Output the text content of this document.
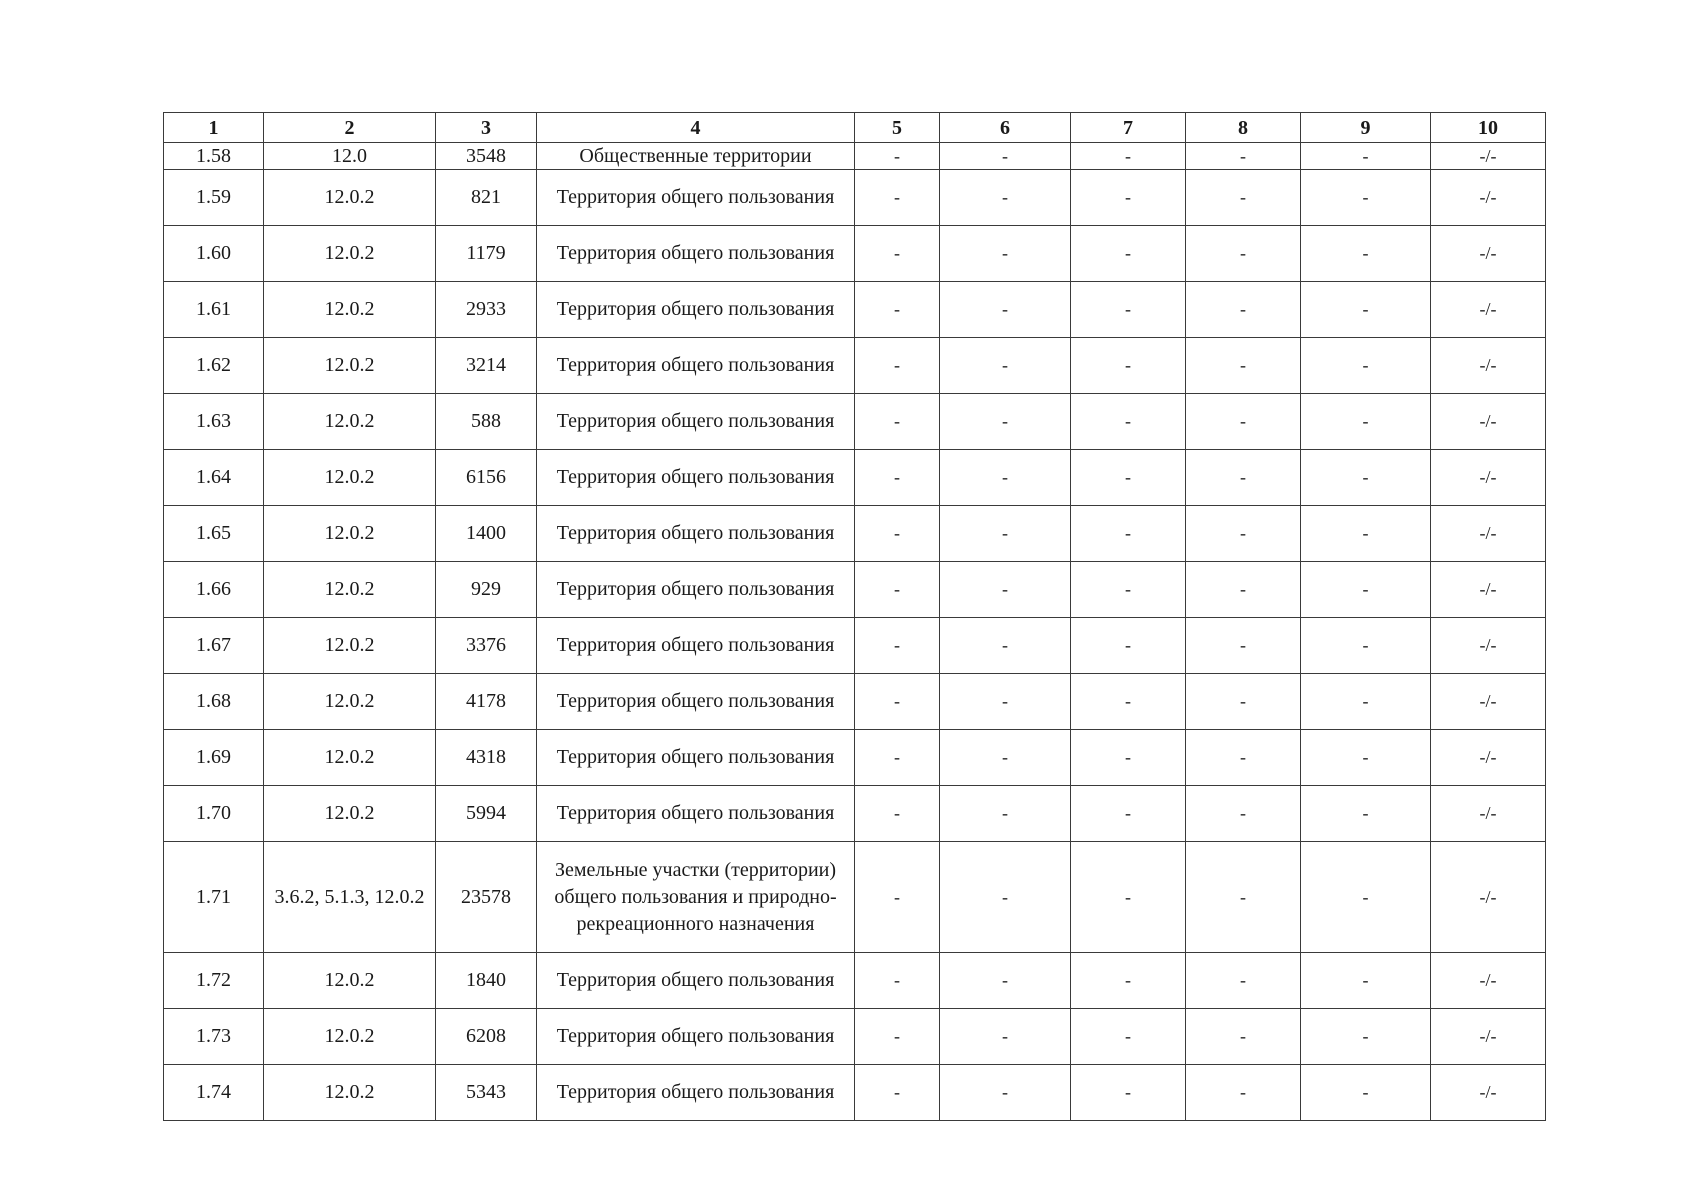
1	2	3	4	5	6	7	8	9	10
1.58	12.0	3548	Общественные территории	-	-	-	-	-	-/-
1.59	12.0.2	821	Территория общего пользования	-	-	-	-	-	-/-
1.60	12.0.2	1179	Территория общего пользования	-	-	-	-	-	-/-
1.61	12.0.2	2933	Территория общего пользования	-	-	-	-	-	-/-
1.62	12.0.2	3214	Территория общего пользования	-	-	-	-	-	-/-
1.63	12.0.2	588	Территория общего пользования	-	-	-	-	-	-/-
1.64	12.0.2	6156	Территория общего пользования	-	-	-	-	-	-/-
1.65	12.0.2	1400	Территория общего пользования	-	-	-	-	-	-/-
1.66	12.0.2	929	Территория общего пользования	-	-	-	-	-	-/-
1.67	12.0.2	3376	Территория общего пользования	-	-	-	-	-	-/-
1.68	12.0.2	4178	Территория общего пользования	-	-	-	-	-	-/-
1.69	12.0.2	4318	Территория общего пользования	-	-	-	-	-	-/-
1.70	12.0.2	5994	Территория общего пользования	-	-	-	-	-	-/-
1.71	3.6.2, 5.1.3, 12.0.2	23578	Земельные участки (территории) общего пользования и природно-рекреационного назначения	-	-	-	-	-	-/-
1.72	12.0.2	1840	Территория общего пользования	-	-	-	-	-	-/-
1.73	12.0.2	6208	Территория общего пользования	-	-	-	-	-	-/-
1.74	12.0.2	5343	Территория общего пользования	-	-	-	-	-	-/-
